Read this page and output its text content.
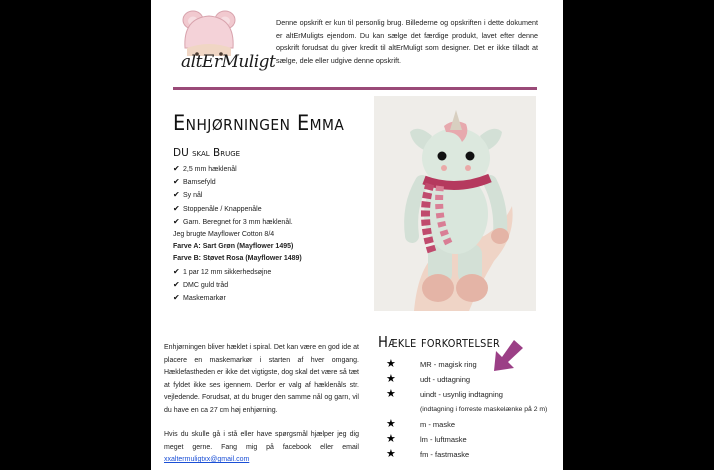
altErMuligt
Denne opskrift er kun til personlig brug. Billederne og opskriften i dette dokument er altErMuligts ejendom. Du kan sælge det færdige produkt, lavet efter denne opskrift forudsat du giver kredit til altErMuligt som designer. Det er ikke tilladt at sælge, dele eller udgive denne opskrift.
Enhjørningen Emma
DU skal Bruge
✔ 2,5 mm hæklenål
✔ Bamsefyld
✔ Sy nål
✔ Stoppenåle / Knappenåle
✔ Garn. Beregnet for 3 mm hæklenål.
Jeg brugte Mayflower Cotton 8/4
Farve A: Sart Grøn (Mayflower 1495)
Farve B: Støvet Rosa (Mayflower 1489)
✔ 1 par 12 mm sikkerhedsøjne
✔ DMC guld tråd
✔ Maskemarkør

Enhjørningen bliver hæklet i spiral. Det kan være en god ide at placere en maskemarkør i starten af hver omgang. Hæklefastheden er ikke det vigtigste, dog skal det være så tæt at fyldet ikke ses igennem. Derfor er valg af hæklenåls str. vejledende. Forudsat, at du bruger den samme nål og garn, vil du have en ca 27 cm høj enhjørning.

Hvis du skulle gå i stå eller have spørgsmål hjælper jeg dig meget gerne. Fang mig på facebook eller email xxaltermuligtxx@gmail.com

Hækle forkortelser
★	MR - magisk ring
★	udt - udtagning
★	uindt - usynlig indtagning
(indtagning i forreste maskelænke på 2 m)
★	m - maske
★	lm - luftmaske
★	fm - fastmaske
